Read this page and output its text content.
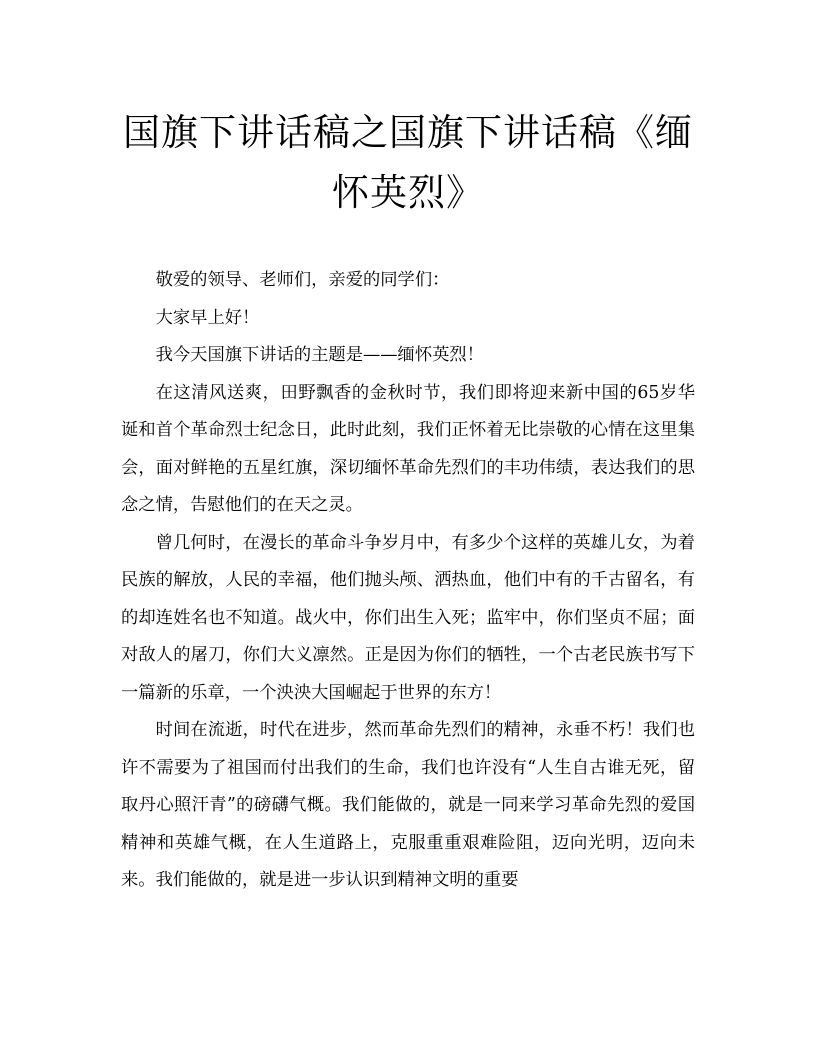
国旗下讲话稿之国旗下讲话稿《缅怀英烈》

敬爱的领导、老师们，亲爱的同学们：

大家早上好！

我今天国旗下讲话的主题是——缅怀英烈！

在这清风送爽，田野飘香的金秋时节，我们即将迎来新中国的65岁华诞和首个革命烈士纪念日，此时此刻，我们正怀着无比崇敬的心情在这里集会，面对鲜艳的五星红旗，深切缅怀革命先烈们的丰功伟绩，表达我们的思念之情，告慰他们的在天之灵。

曾几何时，在漫长的革命斗争岁月中，有多少个这样的英雄儿女，为着民族的解放，人民的幸福，他们抛头颅、洒热血，他们中有的千古留名，有的却连姓名也不知道。战火中，你们出生入死；监牢中，你们坚贞不屈；面对敌人的屠刀，你们大义凛然。正是因为你们的牺牲，一个古老民族书写下一篇新的乐章，一个泱泱大国崛起于世界的东方！

时间在流逝，时代在进步，然而革命先烈们的精神，永垂不朽！我们也许不需要为了祖国而付出我们的生命，我们也许没有“人生自古谁无死，留取丹心照汗青”的磅礴气概。我们能做的，就是一同来学习革命先烈的爱国精神和英雄气概，在人生道路上，克服重重艰难险阻，迈向光明，迈向未来。我们能做的，就是进一步认识到精神文明的重要
